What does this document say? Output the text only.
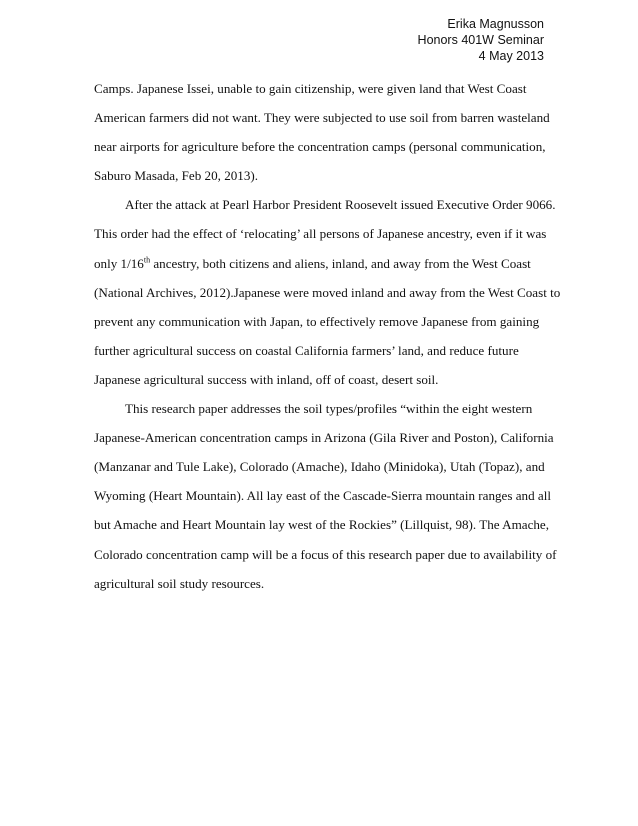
Erika Magnusson
Honors 401W Seminar
4 May 2013
Camps. Japanese Issei, unable to gain citizenship, were given land that West Coast
American farmers did not want. They were subjected to use soil from barren wasteland
near airports for agriculture before the concentration camps (personal communication,
Saburo Masada, Feb 20, 2013).
After the attack at Pearl Harbor President Roosevelt issued Executive Order 9066.
This order had the effect of ‘relocating’ all persons of Japanese ancestry, even if it was
only 1/16th ancestry, both citizens and aliens, inland, and away from the West Coast
(National Archives, 2012).Japanese were moved inland and away from the West Coast to
prevent any communication with Japan, to effectively remove Japanese from gaining
further agricultural success on coastal California farmers’ land, and reduce future
Japanese agricultural success with inland, off of coast, desert soil.
This research paper addresses the soil types/profiles “within the eight western
Japanese-American concentration camps in Arizona (Gila River and Poston), California
(Manzanar and Tule Lake), Colorado (Amache), Idaho (Minidoka), Utah (Topaz), and
Wyoming (Heart Mountain). All lay east of the Cascade-Sierra mountain ranges and all
but Amache and Heart Mountain lay west of the Rockies” (Lillquist, 98). The Amache,
Colorado concentration camp will be a focus of this research paper due to availability of
agricultural soil study resources.
